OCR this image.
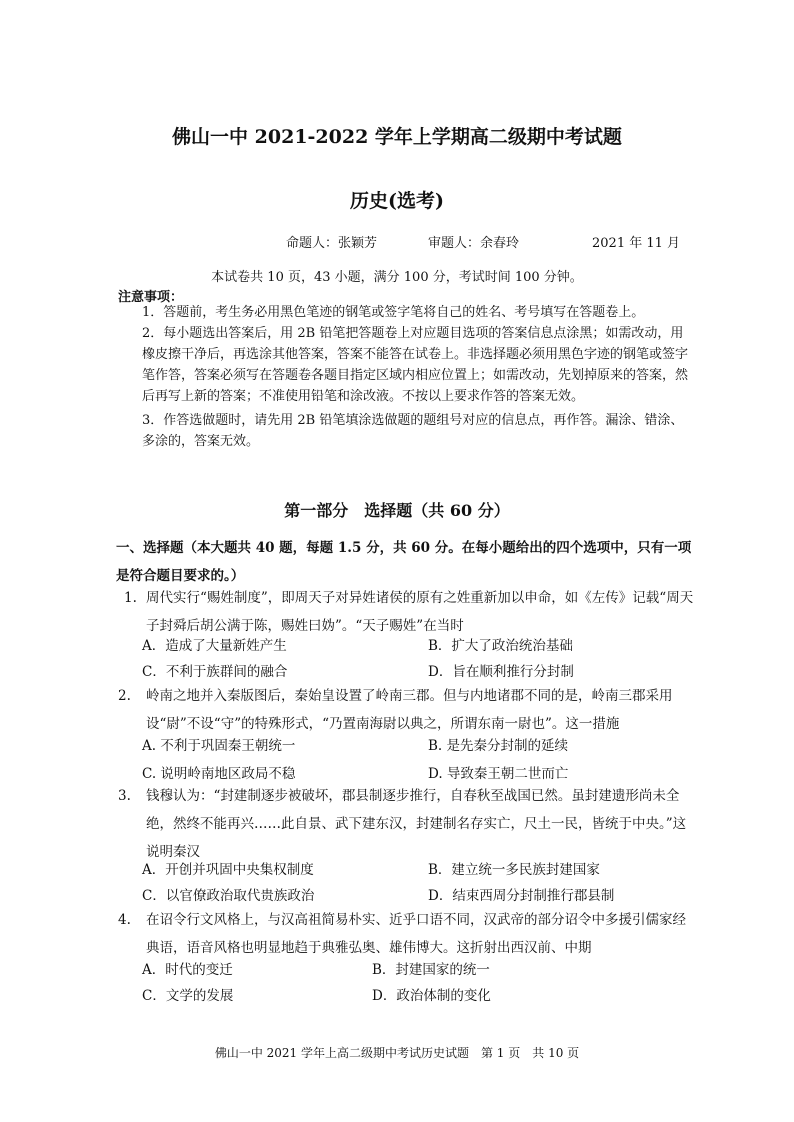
佛山一中 2021-2022 学年上学期高二级期中考试题
历史(选考)
命题人：张颖芳	审题人：余春玲	2021 年 11 月
本试卷共 10 页，43 小题，满分 100 分，考试时间 100 分钟。
注意事项：
1．答题前，考生务必用黑色笔迹的钢笔或签字笔将自己的姓名、考号填写在答题卷上。
2．每小题选出答案后，用 2B 铅笔把答题卷上对应题目选项的答案信息点涂黑；如需改动，用橡皮擦干净后，再选涂其他答案，答案不能答在试卷上。非选择题必须用黑色字迹的钢笔或签字笔作答，答案必须写在答题卷各题目指定区域内相应位置上；如需改动，先划掉原来的答案，然后再写上新的答案；不准使用铅笔和涂改液。不按以上要求作答的答案无效。
3．作答选做题时，请先用 2B 铅笔填涂选做题的题组号对应的信息点，再作答。漏涂、错涂、多涂的，答案无效。
第一部分　选择题（共 60 分）
一、选择题（本大题共 40 题，每题 1.5 分，共 60 分。在每小题给出的四个选项中，只有一项是符合题目要求的。）
1. 周代实行“赐姓制度”，即周天子对异姓诸侯的原有之姓重新加以申命，如《左传》记载“周天子封舜后胡公满于陈，赐姓曰妫”。“天子赐姓”在当时
A．造成了大量新姓产生	B．扩大了政治统治基础
C．不利于族群间的融合	D．旨在顺利推行分封制
2. 岭南之地并入秦版图后，秦始皇设置了岭南三郡。但与内地诸郡不同的是，岭南三郡采用设“尉”不设“守”的特殊形式，“乃置南海尉以典之，所谓东南一尉也”。这一措施
A. 不利于巩固秦王朝统一	B. 是先秦分封制的延续
C. 说明岭南地区政局不稳	D. 导致秦王朝二世而亡
3. 钱穆认为：“封建制逐步被破坏，郡县制逐步推行，自春秋至战国已然。虽封建遗形尚未全绝，然终不能再兴……此自景、武下建东汉，封建制名存实亡，尺土一民，皆统于中央。”这说明秦汉
A．开创并巩固中央集权制度	B．建立统一多民族封建国家
C．以官僚政治取代贵族政治	D．结束西周分封制推行郡县制
4. 在诏令行文风格上，与汉高祖简易朴实、近乎口语不同，汉武帝的部分诏令中多援引儒家经典语，语音风格也明显地趋于典雅弘奥、雄伟博大。这折射出西汉前、中期
A．时代的变迁	B．封建国家的统一
C．文学的发展	D．政治体制的变化
佛山一中 2021 学年上高二级期中考试历史试题　第 1 页　共 10 页
